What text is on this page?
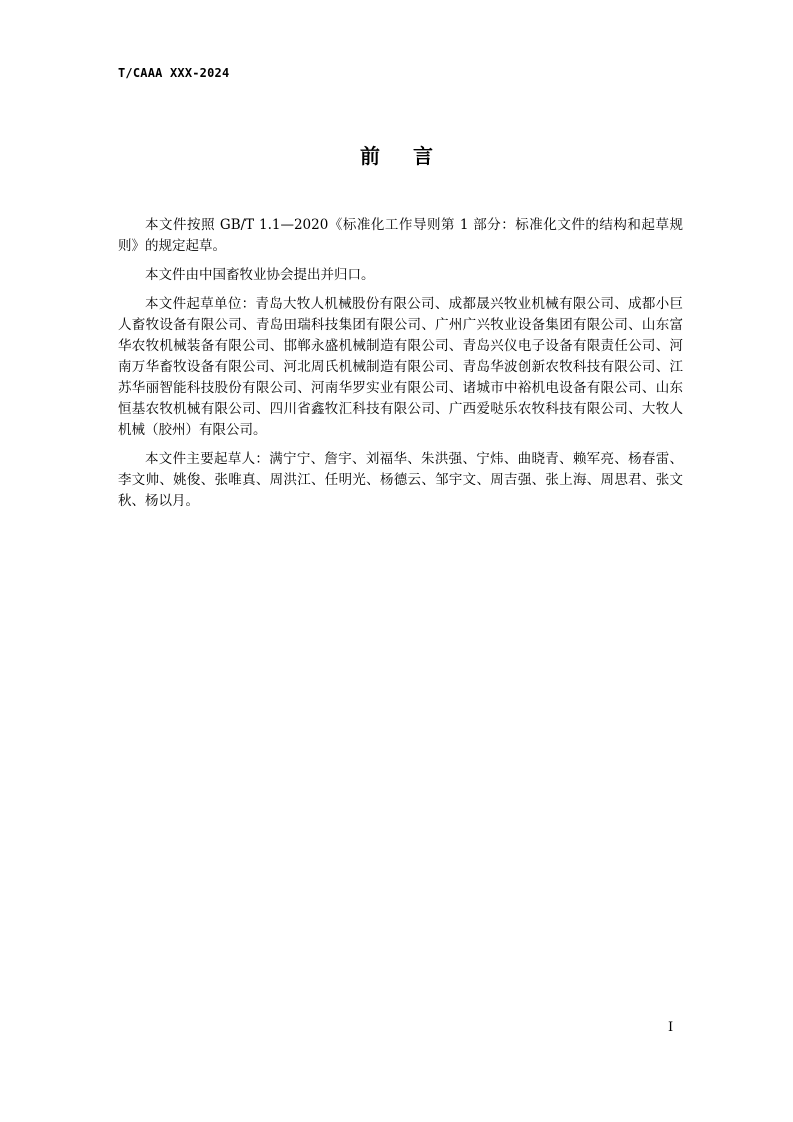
T/CAAA XXX-2024
前 言

本文件按照 GB/T 1.1—2020《标准化工作导则第 1 部分：标准化文件的结构和起草规则》的规定起草。

本文件由中国畜牧业协会提出并归口。

本文件起草单位：青岛大牧人机械股份有限公司、成都晟兴牧业机械有限公司、成都小巨人畜牧设备有限公司、青岛田瑞科技集团有限公司、广州广兴牧业设备集团有限公司、山东富华农牧机械装备有限公司、邯郸永盛机械制造有限公司、青岛兴仪电子设备有限责任公司、河南万华畜牧设备有限公司、河北周氏机械制造有限公司、青岛华波创新农牧科技有限公司、江苏华丽智能科技股份有限公司、河南华罗实业有限公司、诸城市中裕机电设备有限公司、山东恒基农牧机械有限公司、四川省鑫牧汇科技有限公司、广西爱哒乐农牧科技有限公司、大牧人机械（胶州）有限公司。

本文件主要起草人：满宁宁、詹宇、刘福华、朱洪强、宁炜、曲晓青、赖军亮、杨春雷、李文帅、姚俊、张唯真、周洪江、任明光、杨德云、邹宇文、周吉强、张上海、周思君、张文秋、杨以月。

I
